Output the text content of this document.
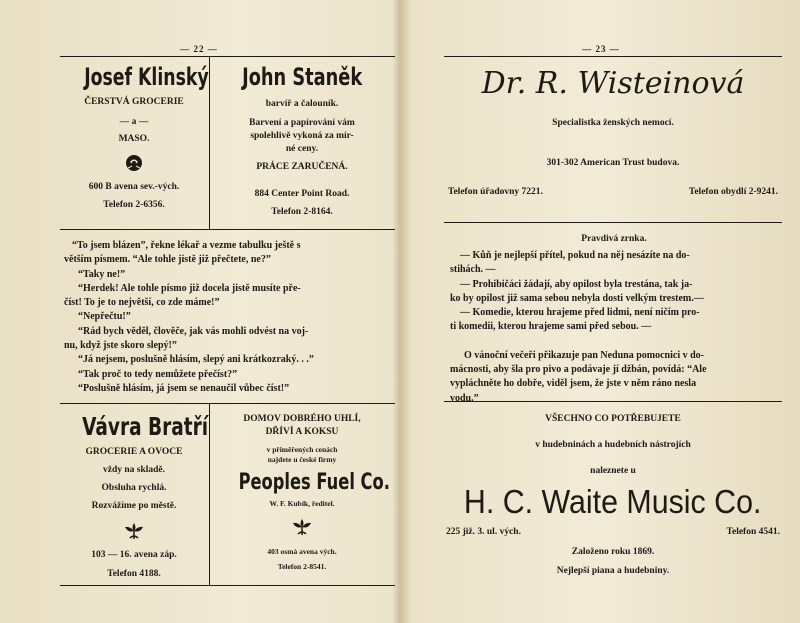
— 22 —
Josef Klinský
ČERSTVÁ GROCERIE
— a —
MASO.
600 B avena sev.-vých.
Telefon 2-6356.
John Staněk
barvíř a čalouník.
Barvení a papírování vám
spolehlivě vykoná za mír-
né ceny.
PRÁCE ZARUČENÁ.
884 Center Point Road.
Telefon 2-8164.
“To jsem blázen”, řekne lékař a vezme tabulku ještě s
větším písmem. “Ale tohle jistě již přečtete, ne?”
“Taky ne!”
“Herdek! Ale tohle písmo již docela jistě musíte pře-
číst! To je to největší, co zde máme!”
“Nepřečtu!”
“Rád bych věděl, člověče, jak vás mohli odvést na voj-
nu, když jste skoro slepý!”
“Já nejsem, poslušně hlásím, slepý ani krátkozraký. . .”
“Tak proč to tedy nemůžete přečíst?”
“Poslušně hlásím, já jsem se nenaučil vůbec číst!”
Vávra Bratří
GROCERIE A OVOCE
vždy na skladě.
Obsluha rychlá.
Rozvážíme po městě.
103 — 16. avena záp.
Telefon 4188.
DOMOV DOBRÉHO UHLÍ,
DŘÍVÍ A KOKSU
v přiměřených cenách
najdete u české firmy
Peoples Fuel Co.
W. F. Kubík, ředitel.
403 osmá avena vých.
Telefon 2-8541.
— 23 —
Dr. R. Wisteinová
Specialistka ženských nemocí.
301-302 American Trust budova.
Telefon úřadovny 7221.	Telefon obydlí 2-9241.
Pravdivá zrnka.
— Kůň je nejlepší přítel, pokud na něj nesázíte na do-
stihách. —
— Prohibičáci žádají, aby opilost byla trestána, tak ja-
ko by opilost již sama sebou nebyla dosti velkým trestem.—
— Komedie, kterou hrajeme před lidmi, není ničím pro-
ti komedii, kterou hrajeme sami před sebou. —
O vánoční večeři přikazuje pan Neduna pomocnici v do-
mácnosti, aby šla pro pivo a podávaje jí džbán, povídá: “Ale
vypláchněte ho dobře, viděl jsem, že jste v něm ráno nesla
vodu.”
VŠECHNO CO POTŘEBUJETE
v hudebninách a hudebních nástrojích
naleznete u
H. C. Waite Music Co.
225 již. 3. ul. vých.	Telefon 4541.
Založeno roku 1869.
Nejlepší piana a hudebniny.
